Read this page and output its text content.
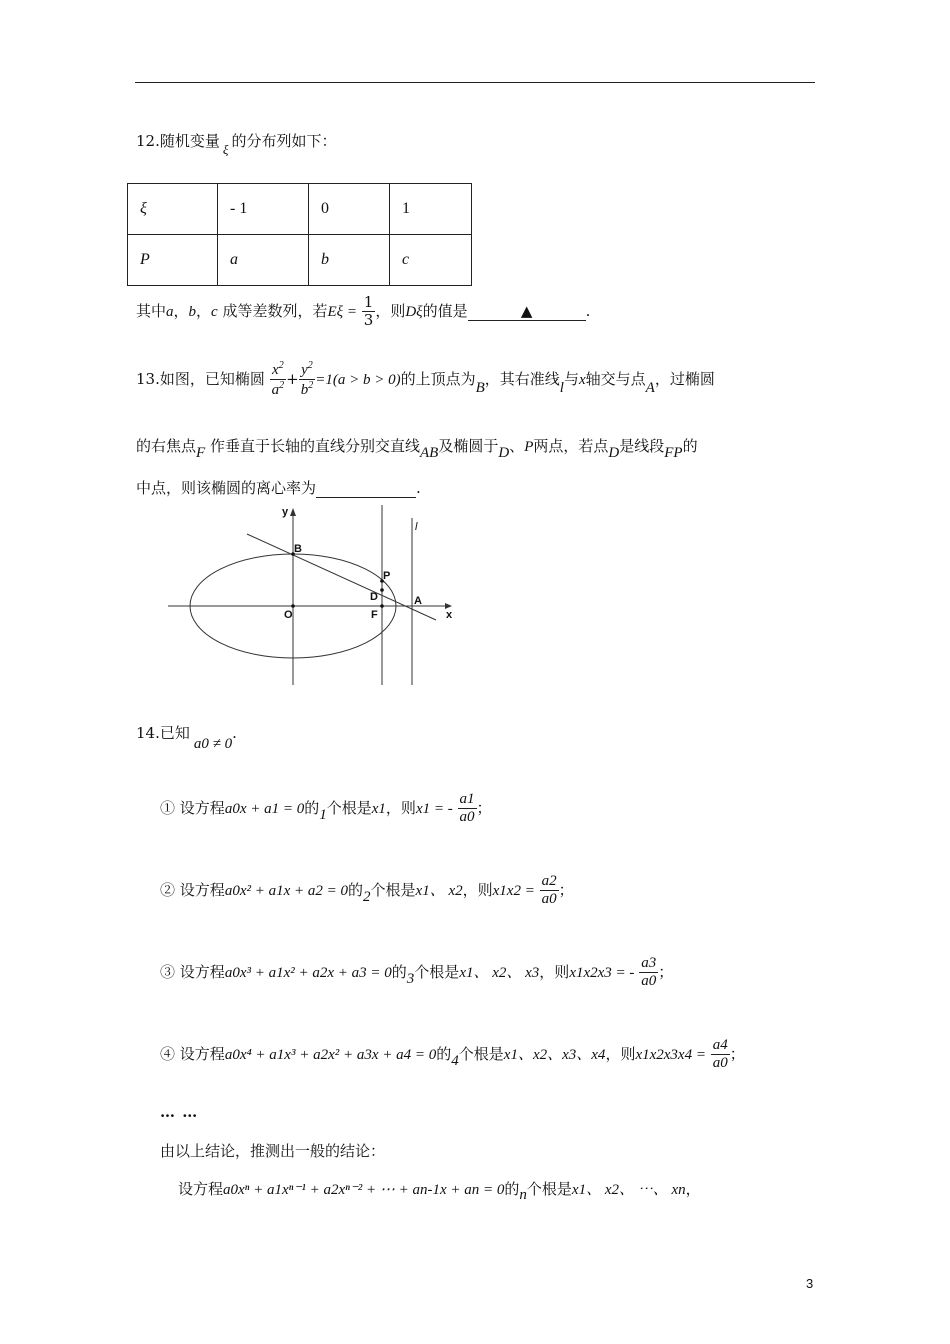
12.随机变量 ξ 的分布列如下：
ξ	- 1	0	1
P	a	b	c
其中a，b，c 成等差数列，若$E\xi = \frac{1}{3}$ ，则Dξ的值是	▲	.
13.如图，已知椭圆 $\frac{x^2}{a^2} + \frac{y^2}{b^2} =1(a > b > 0)$的上顶点为B，其右准线l与x轴交与点A，过椭圆
的右焦点F 作垂直于长轴的直线分别交直线AB及椭圆于D、P两点，若点D是线段FP的
中点，则该椭圆的离心率为	.
y
x
B
P
D
O	F
A
l
14.已知a0 ≠ 0.
① 设方程a0x + a1 = 0的1个根是x1，则x1 = - $\frac{a1}{a0}$ ；
② 设方程a0x² + a1x + a2 = 0的2个根是x1、 x2，则$x1x2 = \frac{a2}{a0}$ ；
③ 设方程a0x³ + a1x² + a2x + a3 = 0的3个根是x1、 x2、 x3，则x1x2x3 = - $\frac{a3}{a0}$ ；
④ 设方程a0x⁴ + a1x³ + a2x² + a3x + a4 = 0的4个根是x1、x2、x3、x4，则$x1x2x3x4 = \frac{a4}{a0}$ ；
… …
由以上结论，推测出一般的结论：
设方程a0xⁿ + a1xⁿ⁻¹ + a2xⁿ⁻² + ⋯ + an-1x + an = 0的n个根是x1、 x2、 ⋯、 xn，
3
